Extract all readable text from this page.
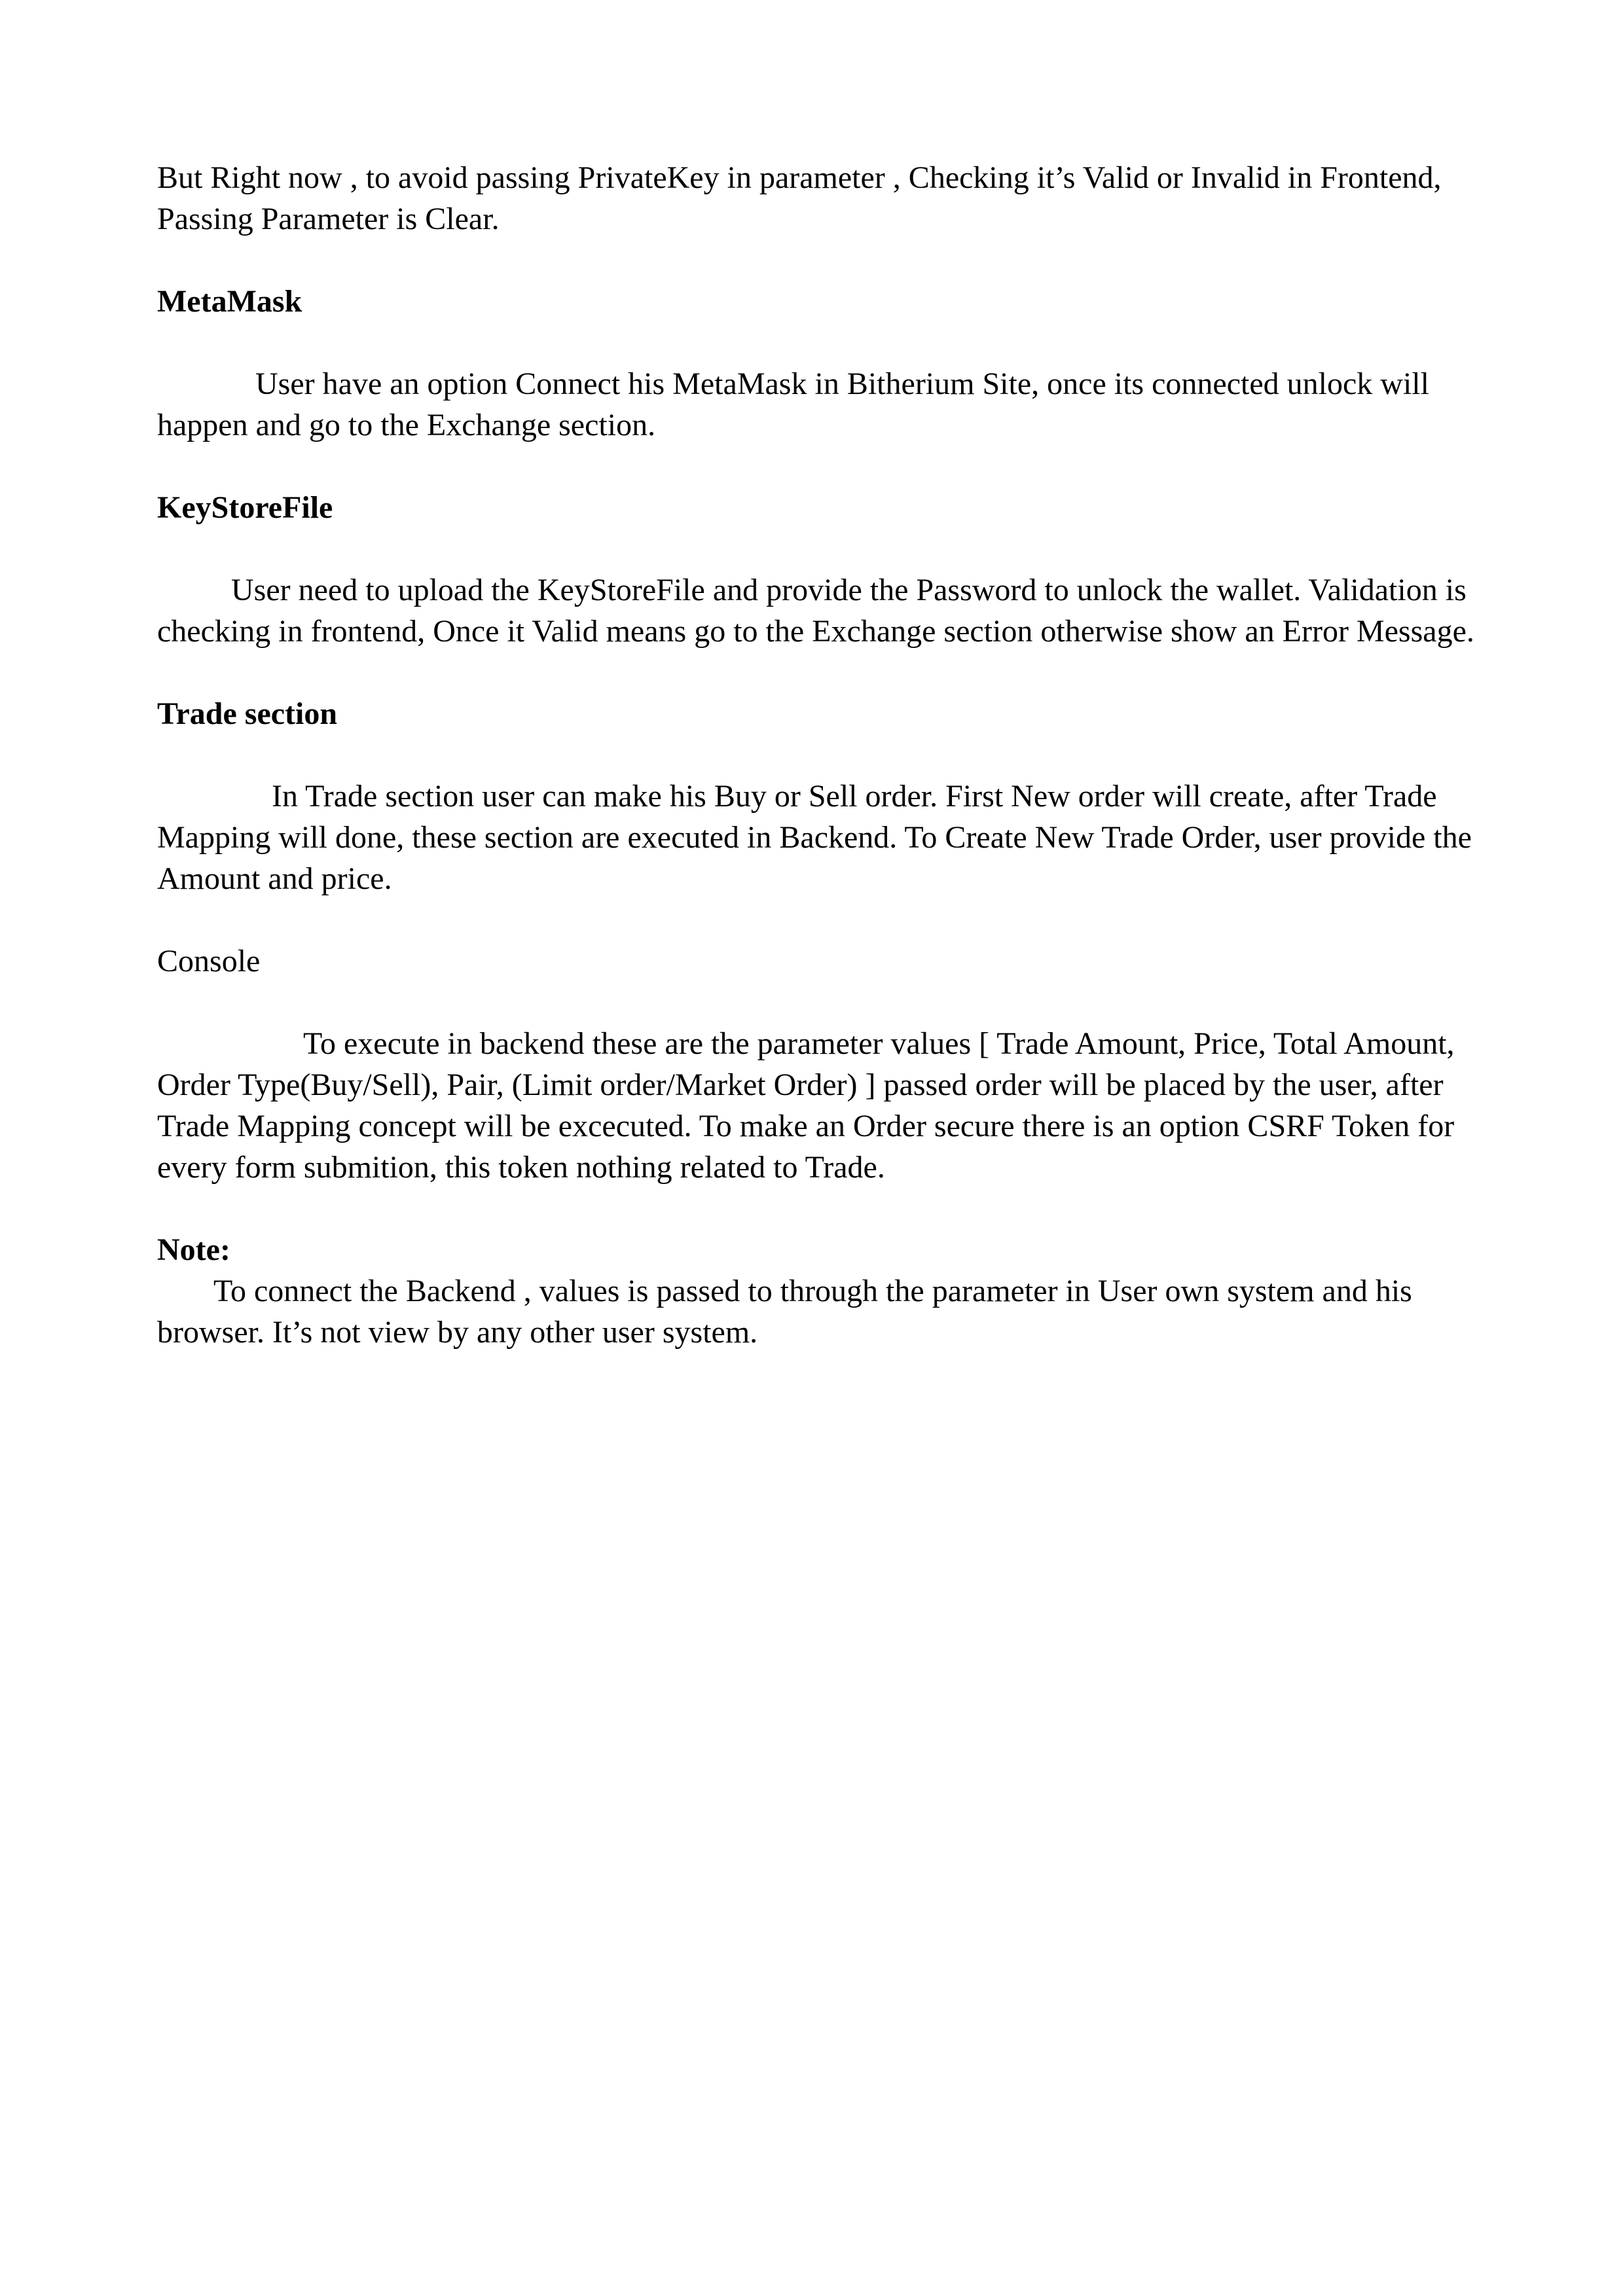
But Right now , to avoid passing PrivateKey in parameter , Checking it’s Valid or Invalid in Frontend, Passing Parameter is Clear.

MetaMask

User have an option Connect his MetaMask in Bitherium Site, once its connected unlock will happen and go to the Exchange section.

KeyStoreFile

User need to upload the KeyStoreFile and provide the Password to unlock the wallet. Validation is checking in frontend, Once it Valid means go to the Exchange section otherwise show an Error Message.

Trade section

In Trade section user can make his Buy or Sell order. First New order will create, after Trade Mapping will done, these section are executed in Backend. To Create New Trade Order, user provide the Amount and price.

Console

To execute in backend these are the parameter values [ Trade Amount, Price, Total Amount, Order Type(Buy/Sell), Pair, (Limit order/Market Order) ] passed order will be placed by the user, after Trade Mapping concept will be excecuted. To make an Order secure there is an option CSRF Token for every form submition, this token nothing related to Trade.

Note:

To connect the Backend , values is passed to through the parameter in User own system and his browser. It’s not view by any other user system.
